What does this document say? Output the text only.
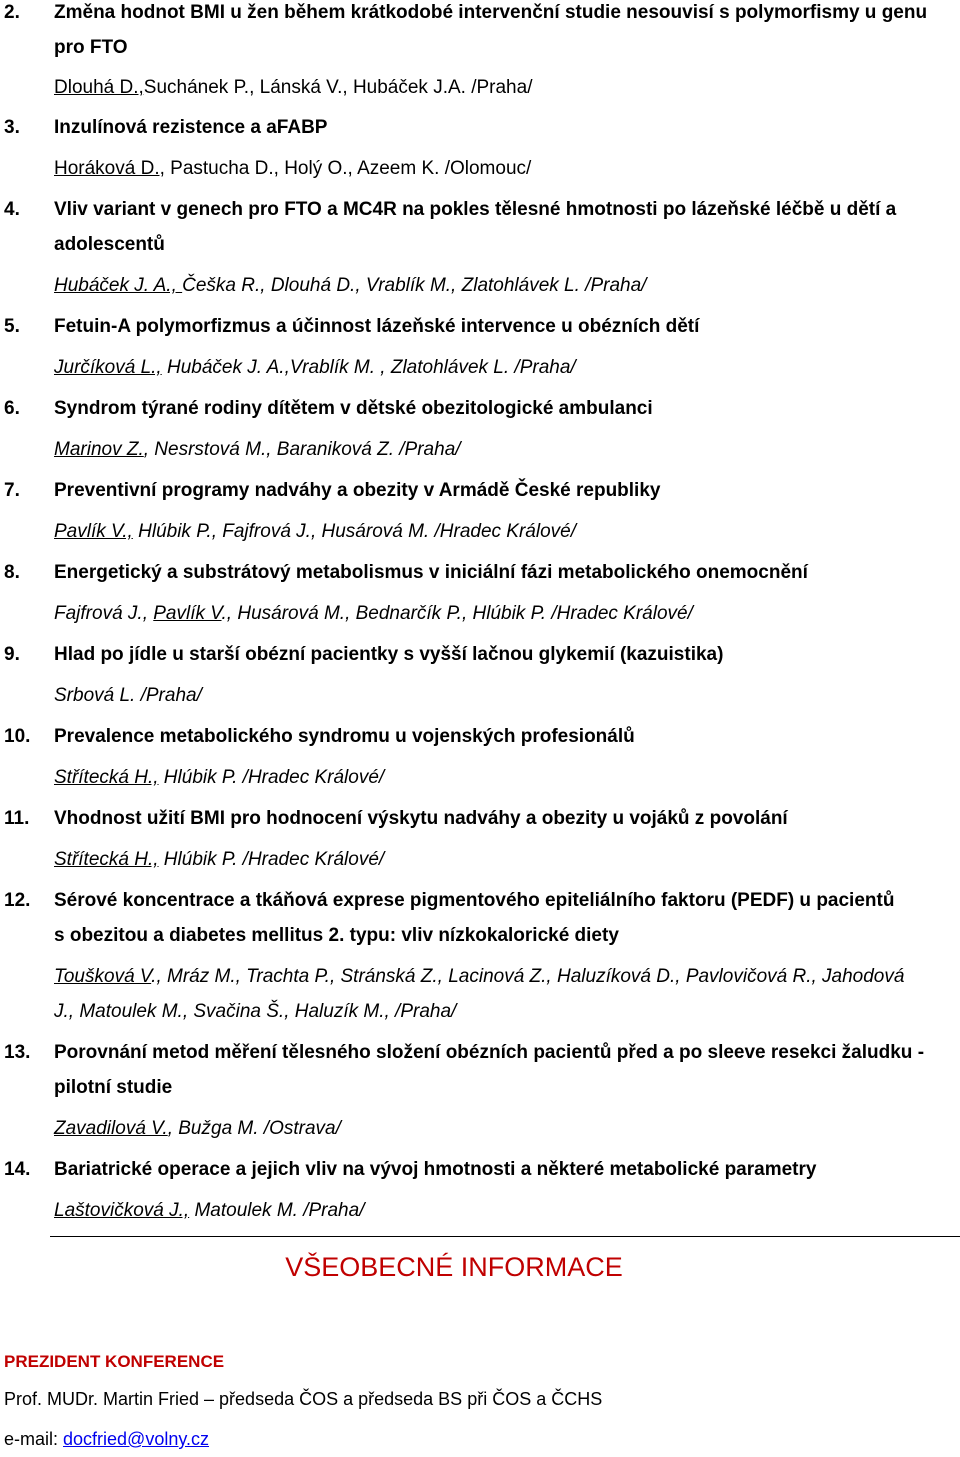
2. Změna hodnot BMI u žen během krátkodobé intervenční studie nesouvisí s polymorfismy u genu
pro FTO
Dlouhá D.,Suchánek P., Lánská V., Hubáček J.A. /Praha/
3. Inzulínová rezistence a aFABP
Horáková D., Pastucha D., Holý O., Azeem K. /Olomouc/
4. Vliv variant v genech pro FTO a MC4R na pokles tělesné hmotnosti po lázeňské léčbě u dětí a
adolescentů
Hubáček J. A., Češka R., Dlouhá D., Vrablík M., Zlatohlávek L. /Praha/
5. Fetuin-A polymorfizmus a účinnost lázeňské intervence u obézních dětí
Jurčíková L., Hubáček J. A.,Vrablík M. , Zlatohlávek L. /Praha/
6. Syndrom týrané rodiny dítětem v dětské obezitologické ambulanci
Marinov Z., Nesrstová M., Baraniková Z. /Praha/
7. Preventivní programy nadváhy a obezity v Armádě České republiky
Pavlík V., Hlúbik P., Fajfrová J., Husárová M. /Hradec Králové/
8. Energetický a substrátový metabolismus v iniciální fázi metabolického onemocnění
Fajfrová J., Pavlík V., Husárová M., Bednarčík P., Hlúbik P. /Hradec Králové/
9. Hlad po jídle u starší obézní pacientky s vyšší lačnou glykemií (kazuistika)
Srbová L. /Praha/
10. Prevalence metabolického syndromu u vojenských profesionálů
Střítecká H., Hlúbik P. /Hradec Králové/
11. Vhodnost užití BMI pro hodnocení výskytu nadváhy a obezity u vojáků z povolání
Střítecká H., Hlúbik P. /Hradec Králové/
12. Sérové koncentrace a tkáňová exprese pigmentového epiteliálního faktoru (PEDF) u pacientů
s obezitou a diabetes mellitus 2. typu: vliv nízkokalorické diety
Toušková V., Mráz M., Trachta P., Stránská Z., Lacinová Z., Haluzíková D., Pavlovičová R., Jahodová
J., Matoulek M., Svačina Š., Haluzík M., /Praha/
13. Porovnání metod měření tělesného složení obézních pacientů před a po sleeve resekci žaludku -
pilotní studie
Zavadilová V., Bužga M. /Ostrava/
14. Bariatrické operace a jejich vliv na vývoj hmotnosti a některé metabolické parametry
Laštovičková J., Matoulek M. /Praha/
VŠEOBECNÉ INFORMACE
PREZIDENT KONFERENCE
Prof. MUDr. Martin Fried – předseda ČOS a předseda BS při ČOS a ČCHS
e-mail: docfried@volny.cz
